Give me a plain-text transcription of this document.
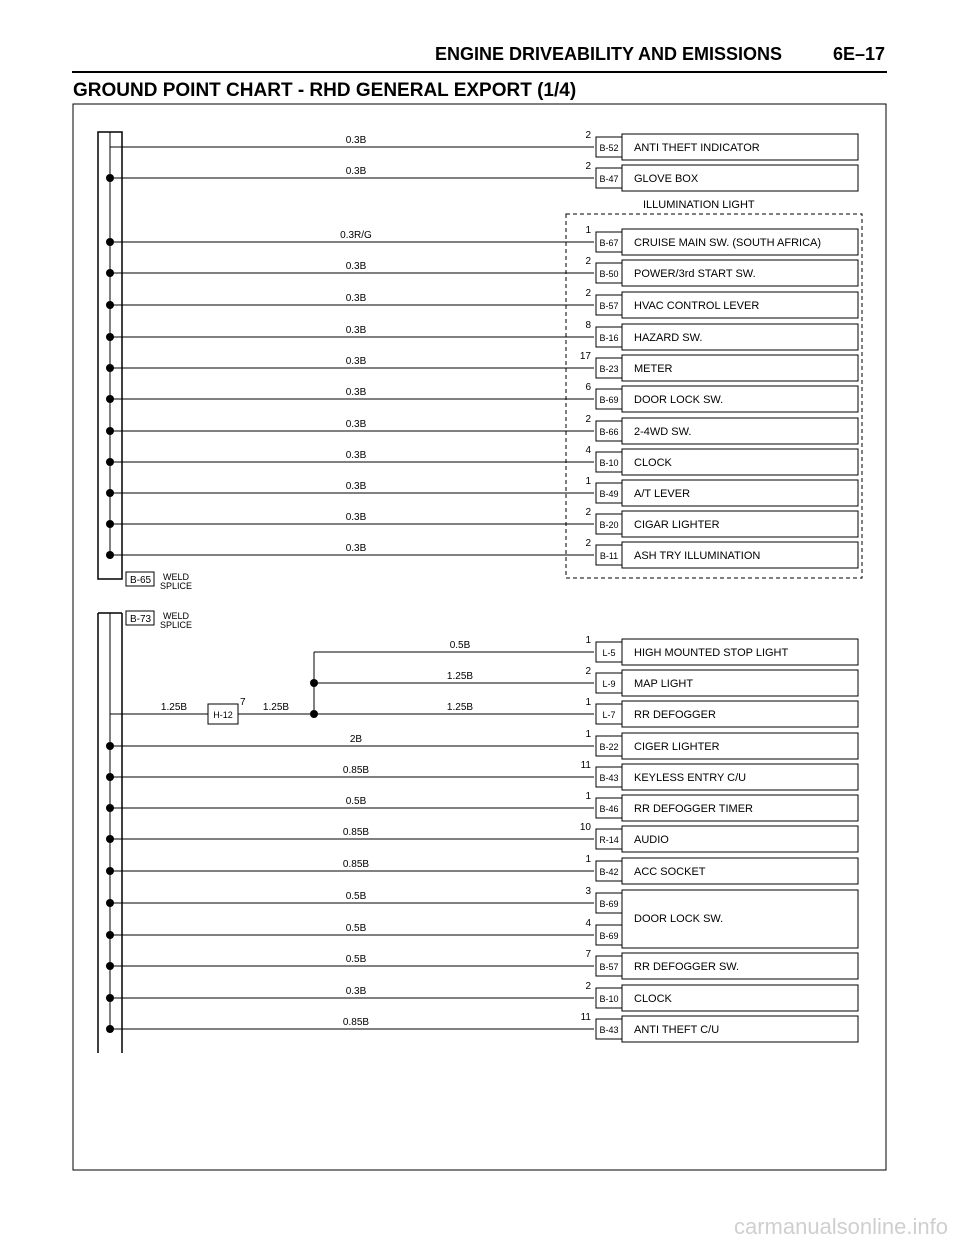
ENGINE DRIVEABILITY AND EMISSIONS	6E–17
GROUND POINT CHART - RHD GENERAL EXPORT (1/4)
ILLUMINATION LIGHT
B-65 WELD
SPLICE
B-73 WELD
SPLICE
0.3B	2
B-52 ANTI THEFT INDICATOR
0.3B	2
B-47 GLOVE BOX
0.3R/G	1
B-67 CRUISE MAIN SW. (SOUTH AFRICA)
0.3B	2
B-50 POWER/3rd START SW.
0.3B	2
B-57 HVAC CONTROL LEVER
0.3B	8
B-16 HAZARD SW.
0.3B	17
B-23 METER
0.3B	6
B-69 DOOR LOCK SW.
0.3B	2
B-66 2-4WD SW.
0.3B	4
B-10 CLOCK
0.3B	1
B-49 A/T LEVER
0.3B	2
B-20 CIGAR LIGHTER
0.3B	2
B-11 ASH TRY ILLUMINATION
0.5B	1
L-5 HIGH MOUNTED STOP LIGHT
1.25B	2
L-9 MAP LIGHT
1.25B	1
L-7 RR DEFOGGER
2B	1
B-22 CIGER LIGHTER
0.85B	11
B-43 KEYLESS ENTRY C/U
0.5B	1
B-46 RR DEFOGGER TIMER
0.85B	10
R-14 AUDIO
0.85B	1
B-42 ACC SOCKET
0.5B	3
B-69
DOOR LOCK SW.
0.5B	4
B-69
0.5B	7
B-57 RR DEFOGGER SW.
0.3B	2
B-10 CLOCK
0.85B	11
B-43 ANTI THEFT C/U
H-12
7
1.25B	1.25B
carmanualsonline.info
